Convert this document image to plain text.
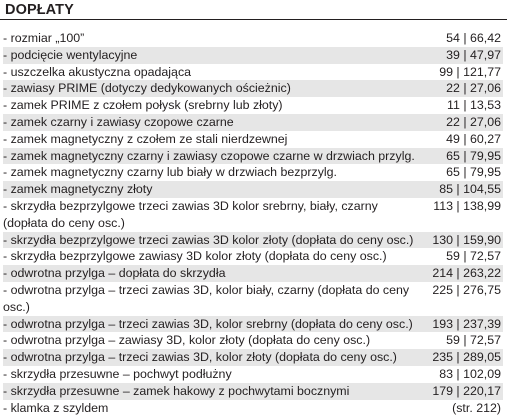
DOPŁATY
- rozmiar „100”	54 | 66,42
- podcięcie wentylacyjne	39 | 47,97
- uszczelka akustyczna opadająca	99 | 121,77
- zawiasy PRIME (dotyczy dedykowanych ościeżnic)	22 | 27,06
- zamek PRIME z czołem połysk (srebrny lub złoty)	11 | 13,53
- zamek czarny i zawiasy czopowe czarne	22 | 27,06
- zamek magnetyczny z czołem ze stali nierdzewnej	49 | 60,27
- zamek magnetyczny czarny i zawiasy czopowe czarne w drzwiach przylg.	65 | 79,95
- zamek magnetyczny czarny lub biały w drzwiach bezprzylg.	65 | 79,95
- zamek magnetyczny złoty	85 | 104,55
- skrzydła bezprzylgowe trzeci zawias 3D kolor srebrny, biały, czarny (dopłata do ceny osc.)
113 | 138,99
- skrzydła bezprzylgowe trzeci zawias 3D kolor złoty (dopłata do ceny osc.) 130 | 159,90
- skrzydła bezprzylgowe zawiasy 3D kolor złoty (dopłata do ceny osc.)	59 | 72,57
- odwrotna przylga – dopłata do skrzydła	214 | 263,22
- odwrotna przylga – trzeci zawias 3D, kolor biały, czarny (dopłata do ceny osc.)
225 | 276,75
- odwrotna przylga – trzeci zawias 3D, kolor srebrny (dopłata do ceny osc.) 193 | 237,39
- odwrotna przylga – zawiasy 3D, kolor złoty (dopłata do ceny osc.)	59 | 72,57
- odwrotna przylga – trzeci zawias 3D, kolor złoty (dopłata do ceny osc.)	235 | 289,05
- skrzydła przesuwne – pochwyt podłużny	83 | 102,09
- skrzydła przesuwne – zamek hakowy z pochwytami bocznymi	179 | 220,17
- klamka z szyldem	(str. 212)
